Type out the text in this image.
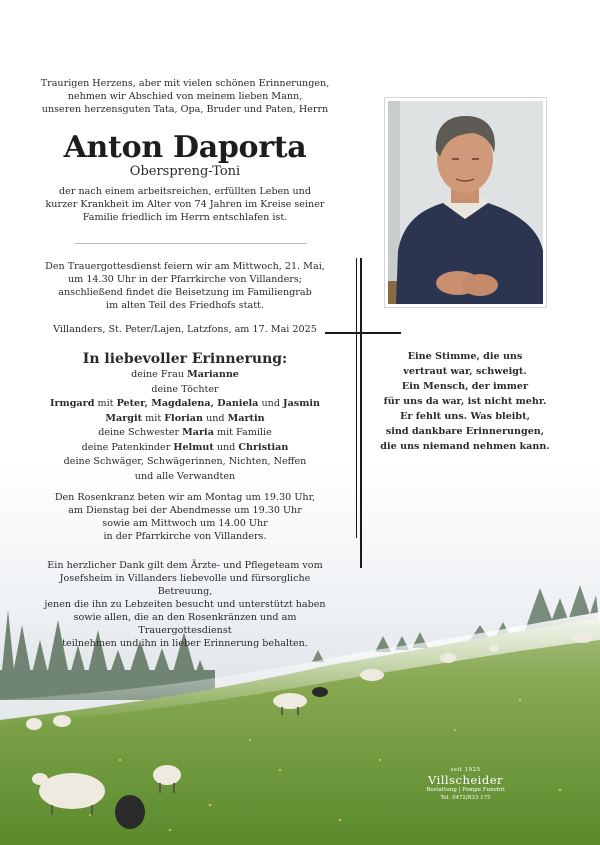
Traurigen Herzens, aber mit vielen schönen Erinnerungen,
nehmen wir Abschied von meinem lieben Mann,
unseren herzensguten Tata, Opa, Bruder und Paten, Herrn
Anton Daporta
Oberspreng-Toni
der nach einem arbeitsreichen, erfüllten Leben und
kurzer Krankheit im Alter von 74 Jahren im Kreise seiner
Familie friedlich im Herrn entschlafen ist.
Den Trauergottesdienst feiern wir am Mittwoch, 21. Mai,
um 14.30 Uhr in der Pfarrkirche von Villanders;
anschließend findet die Beisetzung im Familiengrab
im alten Teil des Friedhofs statt.
Villanders, St. Peter/Lajen, Latzfons, am 17. Mai 2025
In liebevoller Erinnerung:
deine Frau Marianne
deine Töchter
Irmgard mit Peter, Magdalena, Daniela und Jasmin
Margit mit Florian und Martin
deine Schwester Maria mit Familie
deine Patenkinder Helmut und Christian
deine Schwäger, Schwägerinnen, Nichten, Neffen
und alle Verwandten
Den Rosenkranz beten wir am Montag um 19.30 Uhr,
am Dienstag bei der Abendmesse um 19.30 Uhr
sowie am Mittwoch um 14.00 Uhr
in der Pfarrkirche von Villanders.
Ein herzlicher Dank gilt dem Ärzte- und Pflegeteam vom
Josefsheim in Villanders liebevolle und fürsorgliche Betreuung,
jenen die ihn zu Lebzeiten besucht und unterstützt haben
sowie allen, die an den Rosenkränzen und am Trauergottesdienst
teilnehmen und ihn in lieber Erinnerung behalten.
Eine Stimme, die uns
vertraut war, schweigt.
Ein Mensch, der immer
für uns da war, ist nicht mehr.
Er fehlt uns. Was bleibt,
sind dankbare Erinnerungen,
die uns niemand nehmen kann.
seit 1925
Villscheider
Bestattung | Pompe Funebri
Tel. 0472/833 175
